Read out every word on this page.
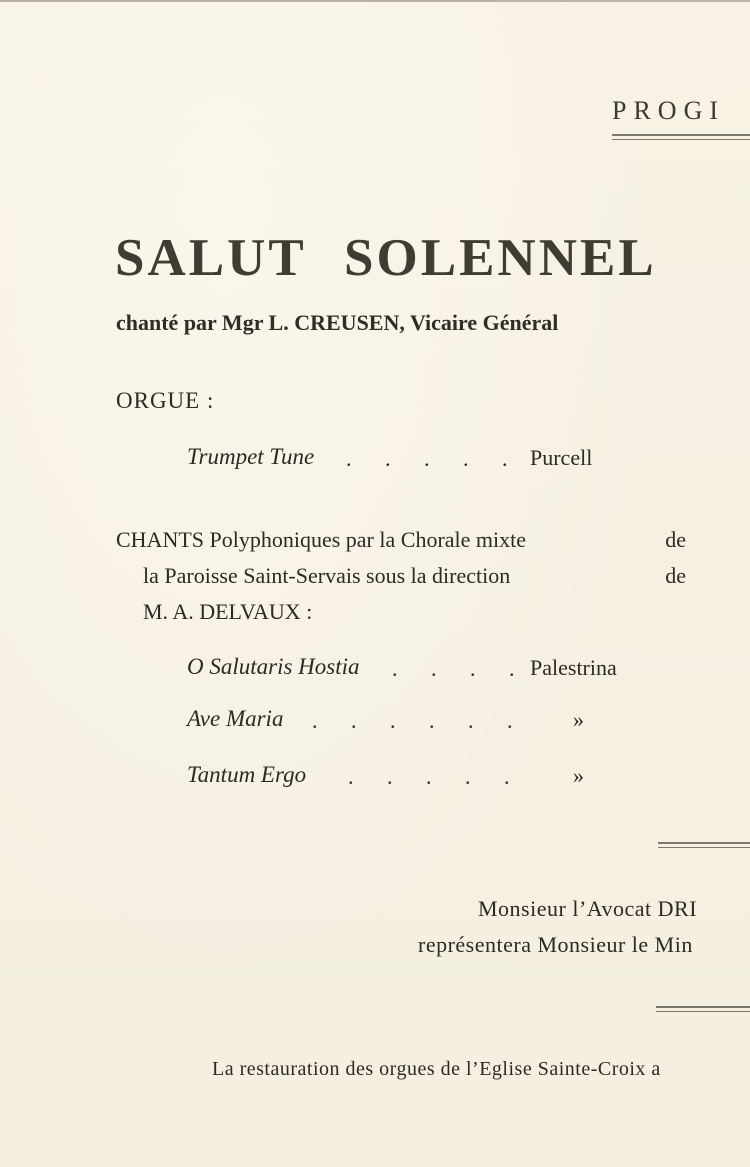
PROGI
SALUT SOLENNEL
chanté par Mgr L. CREUSEN, Vicaire Général
ORGUE :
Trumpet Tune . . . . . Purcell
CHANTS Polyphoniques par la Chorale mixte	de
la Paroisse Saint-Servais sous la direction	de
M. A. DELVAUX :
O Salutaris Hostia . . . . Palestrina
Ave Maria . . . . . . »
Tantum Ergo . . . . . »
Monsieur l’Avocat DRI
représentera Monsieur le Min
La restauration des orgues de l’Eglise Sainte-Croix a
